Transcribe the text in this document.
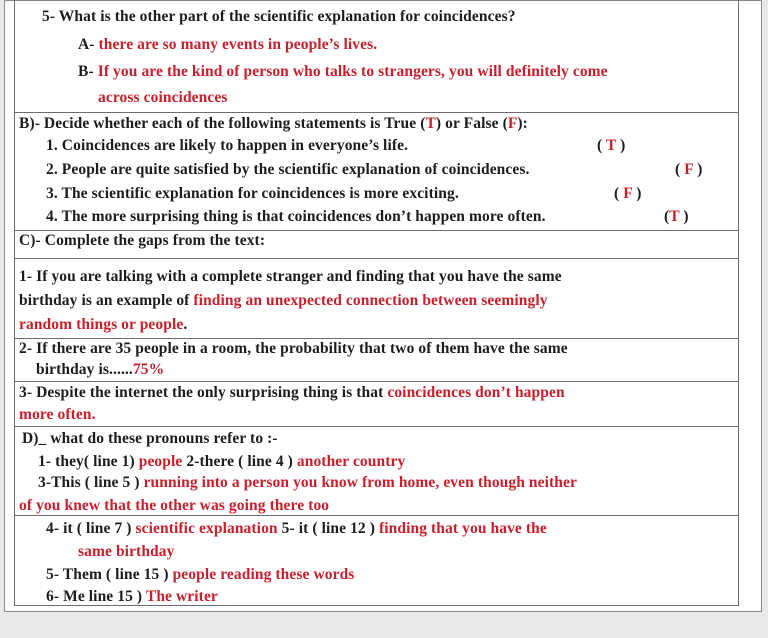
5- What is the other part of the scientific explanation for coincidences?
A- there are so many events in people’s lives.
B- If you are the kind of person who talks to strangers, you will definitely come
across coincidences
B)- Decide whether each of the following statements is True (T) or False (F):
1. Coincidences are likely to happen in everyone’s life.	( T )
2. People are quite satisfied by the scientific explanation of coincidences.	( F )
3. The scientific explanation for coincidences is more exciting.	( F )
4. The more surprising thing is that coincidences don’t happen more often.	(T )
C)- Complete the gaps from the text:
1- If you are talking with a complete stranger and finding that you have the same
birthday is an example of finding an unexpected connection between seemingly
random things or people.
2- If there are 35 people in a room, the probability that two of them have the same
birthday is......75%
3- Despite the internet the only surprising thing is that coincidences don’t happen
more often.
D)_ what do these pronouns refer to :-
1- they( line 1) people 2-there ( line 4 ) another country
3-This ( line 5 ) running into a person you know from home, even though neither
of you knew that the other was going there too
4- it ( line 7 ) scientific explanation 5- it ( line 12 ) finding that you have the
same birthday
5- Them ( line 15 ) people reading these words
6- Me line 15 ) The writer
